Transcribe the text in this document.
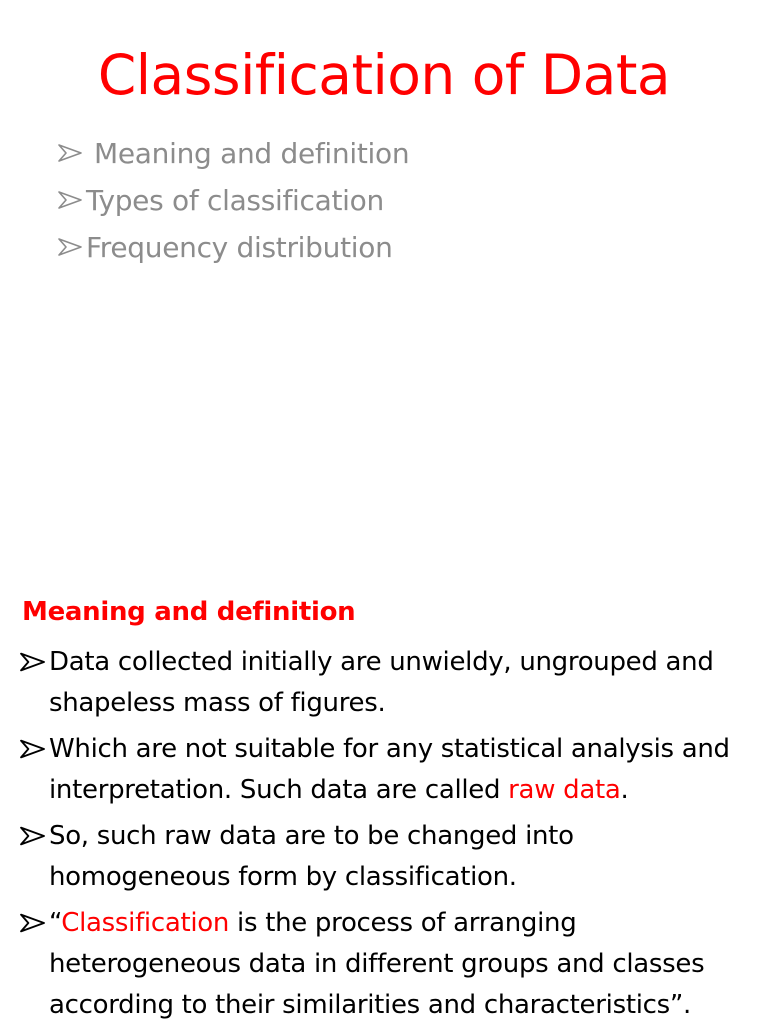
Classification of Data
Meaning and definition
Types of classification
Frequency distribution
Meaning and definition
Data collected initially are unwieldy, ungrouped and shapeless mass of figures.
Which are not suitable for any statistical analysis and interpretation. Such data are called raw data.
So, such raw data are to be changed into homogeneous form by classification.
“Classification is the process of arranging heterogeneous data in different groups and classes according to their similarities and characteristics”.
